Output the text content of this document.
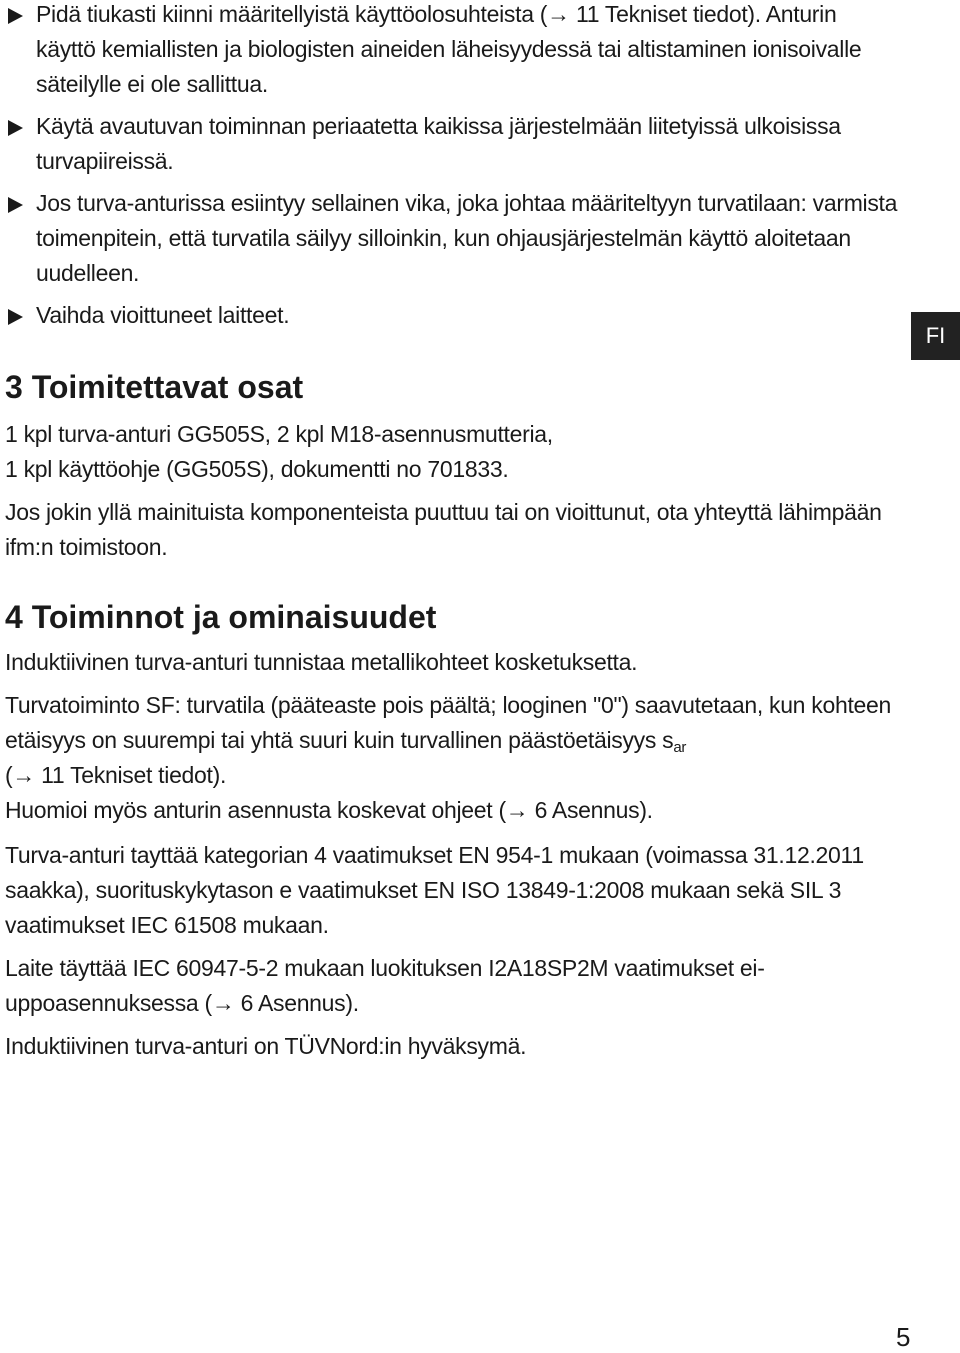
Pidä tiukasti kiinni määritellyistä käyttöolosuhteista (→ 11 Tekniset tiedot). Anturin käyttö kemiallisten ja biologisten aineiden läheisyydessä tai altistaminen ionisoivalle säteilylle ei ole sallittua.
Käytä avautuvan toiminnan periaatetta kaikissa järjestelmään liitetyissä ulkoisissa turvapiireissä.
Jos turva-anturissa esiintyy sellainen vika, joka johtaa määriteltyyn turvatilaan: varmista toimenpitein, että turvatila säilyy silloinkin, kun ohjausjärjestelmän käyttö aloitetaan uudelleen.
Vaihda vioittuneet laitteet.
3 Toimitettavat osat

1 kpl turva-anturi GG505S, 2 kpl M18-asennusmutteria,
1 kpl käyttöohje (GG505S), dokumentti no 701833.

Jos jokin yllä mainituista komponenteista puuttuu tai on vioittunut, ota yhteyttä lähimpään ifm:n toimistoon.

4 Toiminnot ja ominaisuudet

Induktiivinen turva-anturi tunnistaa metallikohteet kosketuksetta.

Turvatoiminto SF: turvatila (pääteaste pois päältä; looginen "0") saavutetaan, kun kohteen etäisyys on suurempi tai yhtä suuri kuin turvallinen päästöetäisyys $s_{ar}$
(→ 11 Tekniset tiedot).

Huomioi myös anturin asennusta koskevat ohjeet (→ 6 Asennus).

Turva-anturi tayttää kategorian 4 vaatimukset EN 954-1 mukaan (voimassa 31.12.2011 saakka), suorituskykytason e vaatimukset EN ISO 13849-1:2008 mukaan sekä SIL 3 vaatimukset IEC 61508 mukaan.

Laite täyttää IEC 60947-5-2 mukaan luokituksen I2A18SP2M vaatimukset ei-uppoasennuksessa (→ 6 Asennus).

Induktiivinen turva-anturi on TÜVNord:in hyväksymä.

FI
5
